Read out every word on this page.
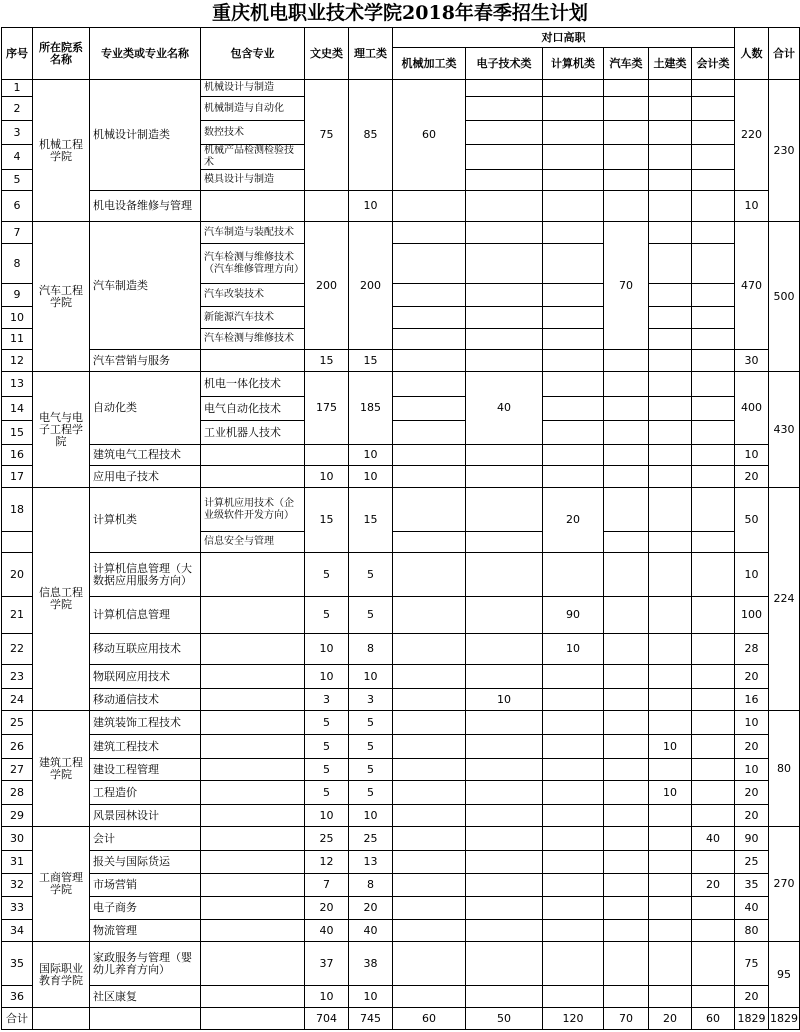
重庆机电职业技术学院2018年春季招生计划
序号	所在院系名称	专业类或专业名称	包含专业	文史类	理工类	对口高职						人数	合计
						机械加工类	电子技术类	计算机类	汽车类	土建类	会计类		
1	机械工程学院	机械设计制造类	机械设计与制造	75	85	60						220	230
2			机械制造与自动化										
3			数控技术										
4			机械产品检测检验技术										
5			模具设计与制造										
6		机电设备维修与管理			10							10	
7	汽车工程学院	汽车制造类	汽车制造与装配技术	200	200				70			470	500
8			汽车检测与维修技术（汽车维修管理方向）										
9			汽车改装技术										
10			新能源汽车技术										
11			汽车检测与维修技术										
12		汽车营销与服务		15	15							30	
13	电气与电子工程学院	自动化类	机电一体化技术	175	185		40					400	430
14			电气自动化技术										
15			工业机器人技术										
16		建筑电气工程技术			10							10	
17		应用电子技术		10	10							20	
18	信息工程学院	计算机类	计算机应用技术（企业级软件开发方向）	15	15			20				50	224
			信息安全与管理										
20		计算机信息管理（大数据应用服务方向）		5	5							10	
21		计算机信息管理		5	5			90				100	
22		移动互联应用技术		10	8			10				28	
23		物联网应用技术		10	10							20	
24		移动通信技术		3	3		10					16	

25	建筑工程学院	建筑装饰工程技术		5	5							10	80
26		建筑工程技术		5	5					10		20	
27		建设工程管理		5	5							10	
28		工程造价		5	5					10		20	
29		风景园林设计		10	10							20	
30	工商管理学院	会计		25	25						40	90	270
31		报关与国际货运		12	13							25	
32		市场营销		7	8						20	35	
33		电子商务		20	20							40	
34		物流管理		40	40							80	
35	国际职业教育学院	家政服务与管理（婴幼儿养育方向）		37	38							75	95
36		社区康复		10	10							20	
合计				704	745	60	50	120	70	20	60	1829	1829
